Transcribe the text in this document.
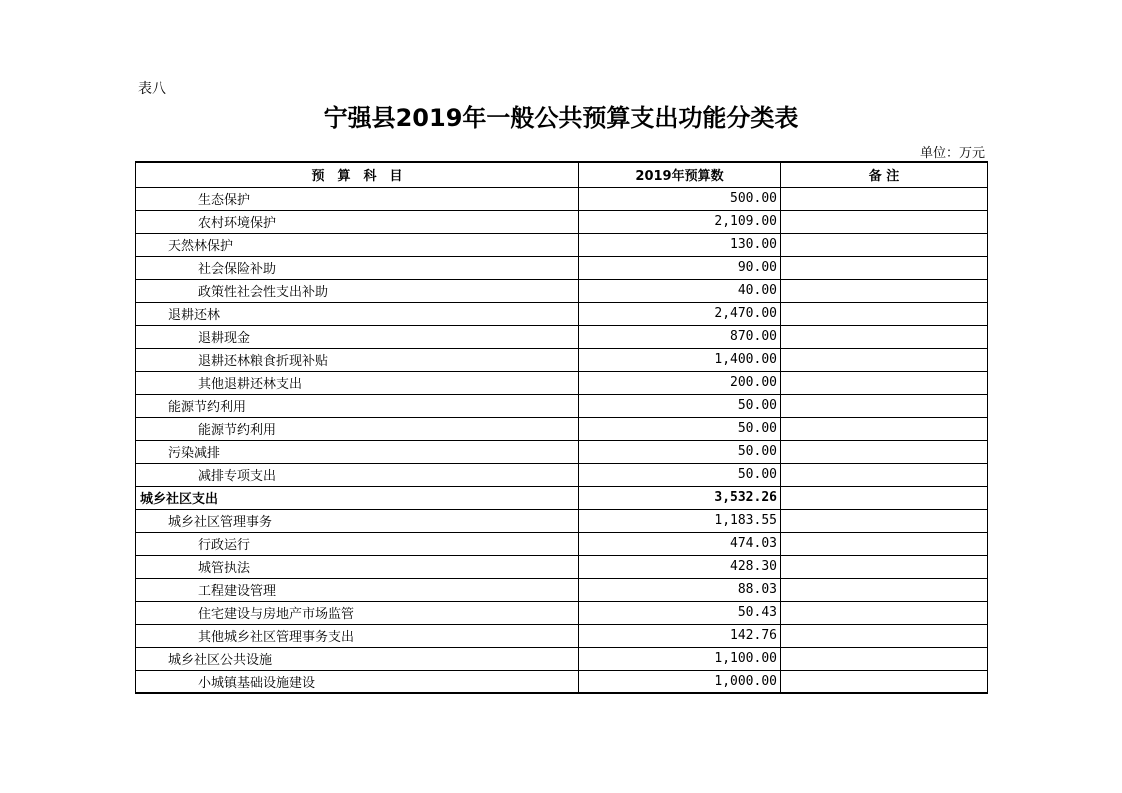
表八
宁强县2019年一般公共预算支出功能分类表
单位：万元
预　算　科　目	2019年预算数	备 注
生态保护	500.00	
农村环境保护	2,109.00	
天然林保护	130.00	
社会保险补助	90.00	
政策性社会性支出补助	40.00	
退耕还林	2,470.00	
退耕现金	870.00	
退耕还林粮食折现补贴	1,400.00	
其他退耕还林支出	200.00	
能源节约利用	50.00	
能源节约利用	50.00	
污染减排	50.00	
减排专项支出	50.00	
城乡社区支出	3,532.26	
城乡社区管理事务	1,183.55	
行政运行	474.03	
城管执法	428.30	
工程建设管理	88.03	
住宅建设与房地产市场监管	50.43	
其他城乡社区管理事务支出	142.76	
城乡社区公共设施	1,100.00	
小城镇基础设施建设	1,000.00	
